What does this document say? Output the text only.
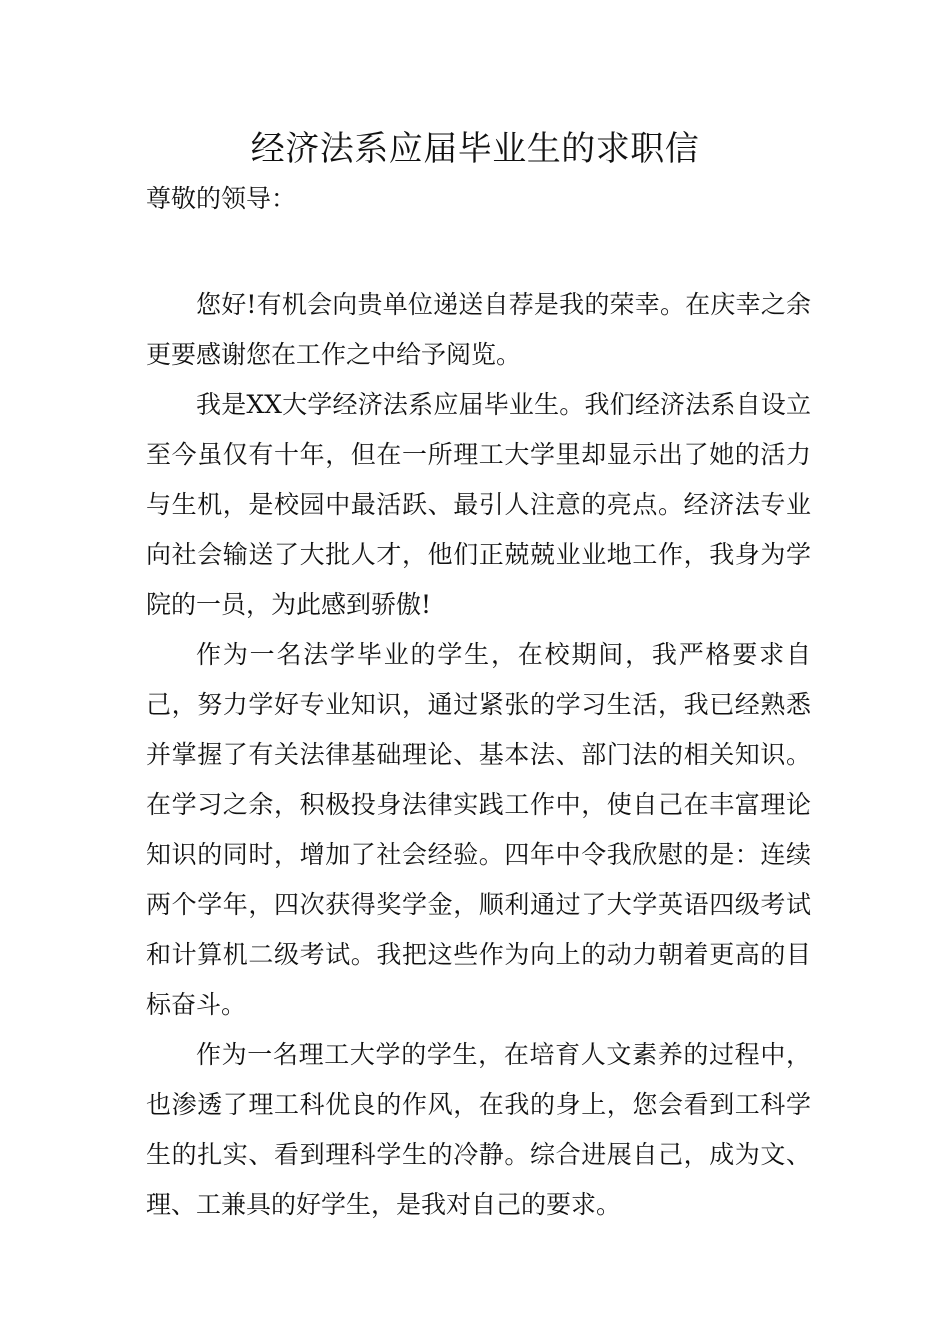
经济法系应届毕业生的求职信

尊敬的领导：

您好!有机会向贵单位递送自荐是我的荣幸。在庆幸之余更要感谢您在工作之中给予阅览。

我是XX大学经济法系应届毕业生。我们经济法系自设立至今虽仅有十年，但在一所理工大学里却显示出了她的活力与生机，是校园中最活跃、最引人注意的亮点。经济法专业向社会输送了大批人才，他们正兢兢业业地工作，我身为学院的一员，为此感到骄傲!

作为一名法学毕业的学生，在校期间，我严格要求自己，努力学好专业知识，通过紧张的学习生活，我已经熟悉并掌握了有关法律基础理论、基本法、部门法的相关知识。在学习之余，积极投身法律实践工作中，使自己在丰富理论知识的同时，增加了社会经验。四年中令我欣慰的是：连续两个学年，四次获得奖学金，顺利通过了大学英语四级考试和计算机二级考试。我把这些作为向上的动力朝着更高的目标奋斗。

作为一名理工大学的学生，在培育人文素养的过程中，也渗透了理工科优良的作风，在我的身上，您会看到工科学生的扎实、看到理科学生的冷静。综合进展自己，成为文、理、工兼具的好学生，是我对自己的要求。
